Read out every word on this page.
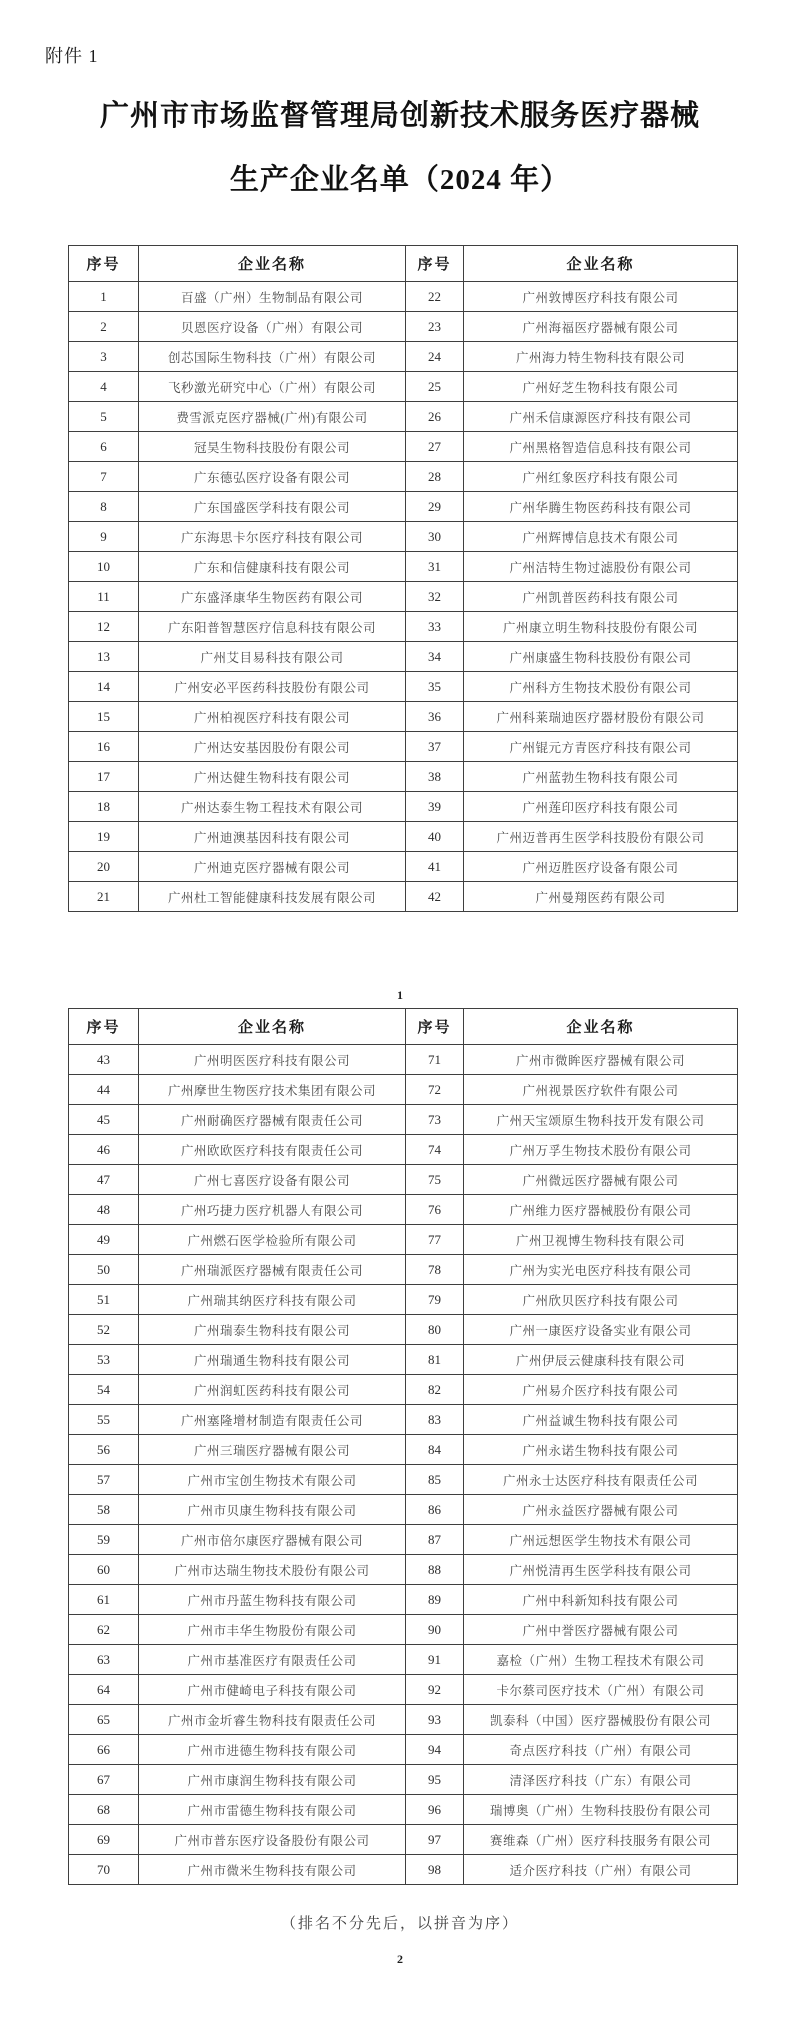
附件 1
广州市市场监督管理局创新技术服务医疗器械
生产企业名单（2024 年）
序号	企业名称	序号	企业名称
1	百盛（广州）生物制品有限公司	22	广州敦博医疗科技有限公司
2	贝恩医疗设备（广州）有限公司	23	广州海福医疗器械有限公司
3	创芯国际生物科技（广州）有限公司	24	广州海力特生物科技有限公司
4	飞秒激光研究中心（广州）有限公司	25	广州好芝生物科技有限公司
5	费雪派克医疗器械(广州)有限公司	26	广州禾信康源医疗科技有限公司
6	冠昊生物科技股份有限公司	27	广州黑格智造信息科技有限公司
7	广东德弘医疗设备有限公司	28	广州红象医疗科技有限公司
8	广东国盛医学科技有限公司	29	广州华腾生物医药科技有限公司
9	广东海思卡尔医疗科技有限公司	30	广州辉博信息技术有限公司
10	广东和信健康科技有限公司	31	广州洁特生物过滤股份有限公司
11	广东盛泽康华生物医药有限公司	32	广州凯普医药科技有限公司
12	广东阳普智慧医疗信息科技有限公司	33	广州康立明生物科技股份有限公司
13	广州艾目易科技有限公司	34	广州康盛生物科技股份有限公司
14	广州安必平医药科技股份有限公司	35	广州科方生物技术股份有限公司
15	广州柏视医疗科技有限公司	36	广州科莱瑞迪医疗器材股份有限公司
16	广州达安基因股份有限公司	37	广州锟元方青医疗科技有限公司
17	广州达健生物科技有限公司	38	广州蓝勃生物科技有限公司
18	广州达泰生物工程技术有限公司	39	广州莲印医疗科技有限公司
19	广州迪澳基因科技有限公司	40	广州迈普再生医学科技股份有限公司
20	广州迪克医疗器械有限公司	41	广州迈胜医疗设备有限公司
21	广州杜工智能健康科技发展有限公司	42	广州曼翔医药有限公司
1
序号	企业名称	序号	企业名称
43	广州明医医疗科技有限公司	71	广州市微眸医疗器械有限公司
44	广州摩世生物医疗技术集团有限公司	72	广州视景医疗软件有限公司
45	广州耐确医疗器械有限责任公司	73	广州天宝颂原生物科技开发有限公司
46	广州欧欧医疗科技有限责任公司	74	广州万孚生物技术股份有限公司
47	广州七喜医疗设备有限公司	75	广州微远医疗器械有限公司
48	广州巧捷力医疗机器人有限公司	76	广州维力医疗器械股份有限公司
49	广州燃石医学检验所有限公司	77	广州卫视博生物科技有限公司
50	广州瑞派医疗器械有限责任公司	78	广州为实光电医疗科技有限公司
51	广州瑞其纳医疗科技有限公司	79	广州欣贝医疗科技有限公司
52	广州瑞泰生物科技有限公司	80	广州一康医疗设备实业有限公司
53	广州瑞通生物科技有限公司	81	广州伊辰云健康科技有限公司
54	广州润虹医药科技有限公司	82	广州易介医疗科技有限公司
55	广州塞隆增材制造有限责任公司	83	广州益诚生物科技有限公司
56	广州三瑞医疗器械有限公司	84	广州永诺生物科技有限公司
57	广州市宝创生物技术有限公司	85	广州永士达医疗科技有限责任公司
58	广州市贝康生物科技有限公司	86	广州永益医疗器械有限公司
59	广州市倍尔康医疗器械有限公司	87	广州远想医学生物技术有限公司
60	广州市达瑞生物技术股份有限公司	88	广州悦清再生医学科技有限公司
61	广州市丹蓝生物科技有限公司	89	广州中科新知科技有限公司
62	广州市丰华生物股份有限公司	90	广州中誉医疗器械有限公司
63	广州市基准医疗有限责任公司	91	嘉检（广州）生物工程技术有限公司
64	广州市健崎电子科技有限公司	92	卡尔蔡司医疗技术（广州）有限公司
65	广州市金圻睿生物科技有限责任公司	93	凯泰科（中国）医疗器械股份有限公司
66	广州市进德生物科技有限公司	94	奇点医疗科技（广州）有限公司
67	广州市康润生物科技有限公司	95	清泽医疗科技（广东）有限公司
68	广州市雷德生物科技有限公司	96	瑞博奥（广州）生物科技股份有限公司
69	广州市普东医疗设备股份有限公司	97	赛维森（广州）医疗科技服务有限公司
70	广州市微米生物科技有限公司	98	适介医疗科技（广州）有限公司
（排名不分先后，以拼音为序）
2
